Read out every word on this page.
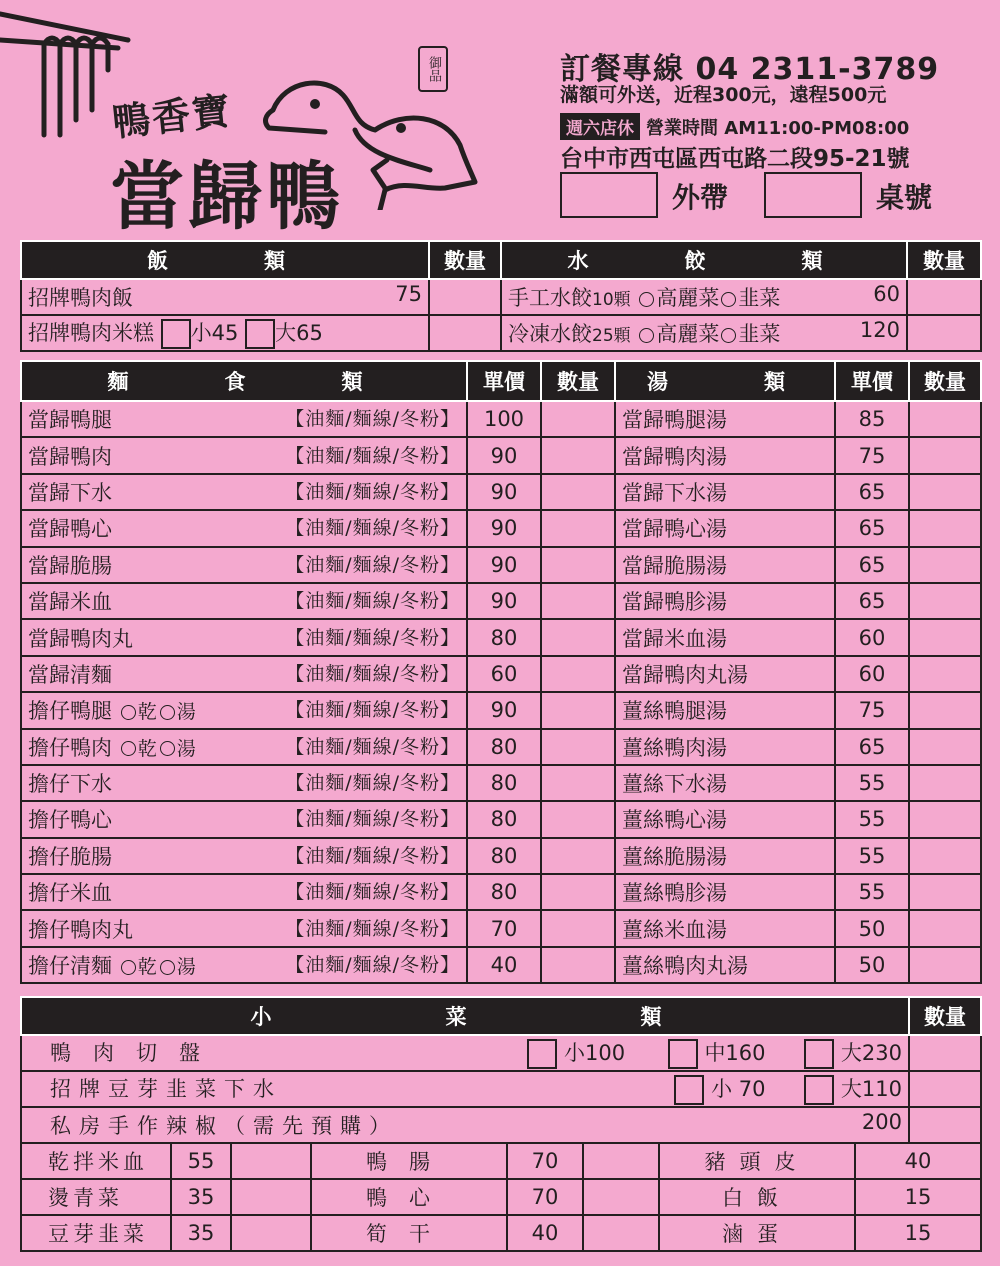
鴨香寶
當歸鴨
御品	訂餐專線 04 2311-3789
滿額可外送，近程300元，遠程500元
週六店休 營業時間 AM11:00-PM08:00
台中市西屯區西屯路二段95-21號
外帶	桌號
飯　　類	數量	水　　餃　　類	數量
招牌鴨肉飯 75		手工水餃10顆 高麗菜 韭菜 60	

招牌鴨肉米糕 小45 大65		冷凍水餃25顆 高麗菜 韭菜 120	

麵　　食　　類	單價	數量	湯　　類	單價	數量
當歸鴨腿 【油麵/麵線/冬粉】	100		當歸鴨腿湯	85	
當歸鴨肉 【油麵/麵線/冬粉】	90		當歸鴨肉湯	75	
當歸下水 【油麵/麵線/冬粉】	90		當歸下水湯	65	
當歸鴨心 【油麵/麵線/冬粉】	90		當歸鴨心湯	65	
當歸脆腸 【油麵/麵線/冬粉】	90		當歸脆腸湯	65	
當歸米血 【油麵/麵線/冬粉】	90		當歸鴨胗湯	65	
當歸鴨肉丸 【油麵/麵線/冬粉】	80		當歸米血湯	60	
當歸清麵 【油麵/麵線/冬粉】	60		當歸鴨肉丸湯	60	
擔仔鴨腿 乾 湯 【油麵/麵線/冬粉】	90		薑絲鴨腿湯	75	
擔仔鴨肉 乾 湯 【油麵/麵線/冬粉】	80		薑絲鴨肉湯	65	
擔仔下水 【油麵/麵線/冬粉】	80		薑絲下水湯	55	
擔仔鴨心 【油麵/麵線/冬粉】	80		薑絲鴨心湯	55	
擔仔脆腸 【油麵/麵線/冬粉】	80		薑絲脆腸湯	55	
擔仔米血 【油麵/麵線/冬粉】	80		薑絲鴨胗湯	55	
擔仔鴨肉丸 【油麵/麵線/冬粉】	70		薑絲米血湯	50	
擔仔清麵 乾 湯 【油麵/麵線/冬粉】	40		薑絲鴨肉丸湯	50	
小　　　　菜　　　　類								數量
鴨肉切盤 小100 中160 大230								

招牌豆芽韭菜下水 小 70 大110								

私房手作辣椒（需先預購） 200								

乾拌米血	55		鴨腸	70		豬頭皮	40	
燙青菜	35		鴨心	70		白飯	15	
豆芽韭菜	35		筍干	40		滷蛋	15	
